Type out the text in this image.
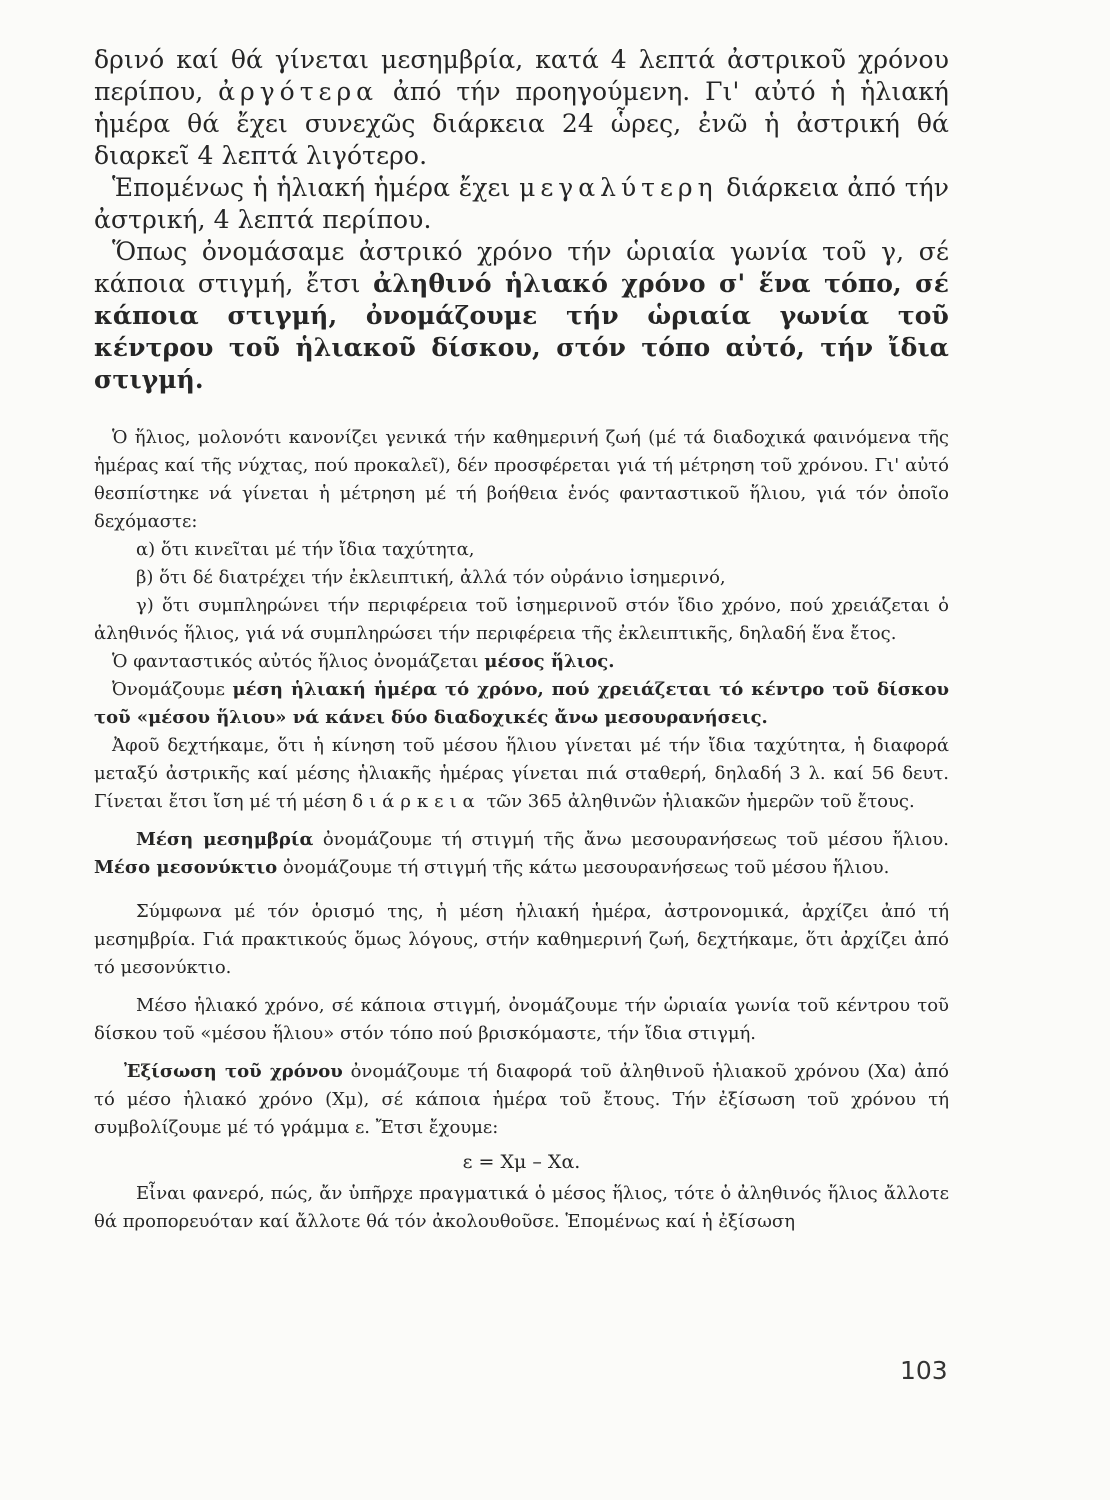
δρινό καί θά γίνεται μεσημβρία, κατά 4 λεπτά ἀστρικοῦ χρόνου περίπου, ἀργότερα ἀπό τήν προηγούμενη. Γι' αὐτό ἡ ἡλιακή ἡμέρα θά ἔχει συνεχῶς διάρκεια 24 ὧρες, ἐνῶ ἡ ἀστρική θά διαρκεῖ 4 λεπτά λιγότερο.

Ἑπομένως ἡ ἡλιακή ἡμέρα ἔχει μεγαλύτερη διάρκεια ἀπό τήν ἀστρική, 4 λεπτά περίπου.

Ὅπως ὀνομάσαμε ἀστρικό χρόνο τήν ὡριαία γωνία τοῦ γ, σέ κάποια στιγμή, ἔτσι ἀληθινό ἡλιακό χρόνο σ' ἕνα τόπο, σέ κάποια στιγμή, ὀνομάζουμε τήν ὡριαία γωνία τοῦ κέντρου τοῦ ἡλιακοῦ δίσκου, στόν τόπο αὐτό, τήν ἴδια στιγμή.

Ὁ ἥλιος, μολονότι κανονίζει γενικά τήν καθημερινή ζωή (μέ τά διαδοχικά φαινόμενα τῆς ἡμέρας καί τῆς νύχτας, πού προκαλεῖ), δέν προσφέρεται γιά τή μέτρηση τοῦ χρόνου. Γι' αὐτό θεσπίστηκε νά γίνεται ἡ μέτρηση μέ τή βοήθεια ἑνός φανταστικοῦ ἥλιου, γιά τόν ὁποῖο δεχόμαστε:

α) ὅτι κινεῖται μέ τήν ἴδια ταχύτητα,

β) ὅτι δέ διατρέχει τήν ἐκλειπτική, ἀλλά τόν οὐράνιο ἰσημερινό,

γ) ὅτι συμπληρώνει τήν περιφέρεια τοῦ ἰσημερινοῦ στόν ἴδιο χρόνο, πού χρειάζεται ὁ ἀληθινός ἥλιος, γιά νά συμπληρώσει τήν περιφέρεια τῆς ἐκλειπτικῆς, δηλαδή ἕνα ἔτος.

Ὁ φανταστικός αὐτός ἥλιος ὀνομάζεται μέσος ἥλιος.

Ὀνομάζουμε μέση ἡλιακή ἡμέρα τό χρόνο, πού χρειάζεται τό κέντρο τοῦ δίσκου τοῦ «μέσου ἥλιου» νά κάνει δύο διαδοχικές ἄνω μεσουρανήσεις.

Ἀφοῦ δεχτήκαμε, ὅτι ἡ κίνηση τοῦ μέσου ἥλιου γίνεται μέ τήν ἴδια ταχύτητα, ἡ διαφορά μεταξύ ἀστρικῆς καί μέσης ἡλιακῆς ἡμέρας γίνεται πιά σταθερή, δηλαδή 3 λ. καί 56 δευτ. Γίνεται ἔτσι ἴση μέ τή μέση διάρκεια τῶν 365 ἀληθινῶν ἡλιακῶν ἡμερῶν τοῦ ἔτους.

Μέση μεσημβρία ὀνομάζουμε τή στιγμή τῆς ἄνω μεσουρανήσεως τοῦ μέσου ἥλιου. Μέσο μεσονύκτιο ὀνομάζουμε τή στιγμή τῆς κάτω μεσουρανήσεως τοῦ μέσου ἥλιου.

Σύμφωνα μέ τόν ὁρισμό της, ἡ μέση ἡλιακή ἡμέρα, ἀστρονομικά, ἀρχίζει ἀπό τή μεσημβρία. Γιά πρακτικούς ὅμως λόγους, στήν καθημερινή ζωή, δεχτήκαμε, ὅτι ἀρχίζει ἀπό τό μεσονύκτιο.

Μέσο ἡλιακό χρόνο, σέ κάποια στιγμή, ὀνομάζουμε τήν ὡριαία γωνία τοῦ κέντρου τοῦ δίσκου τοῦ «μέσου ἥλιου» στόν τόπο πού βρισκόμαστε, τήν ἴδια στιγμή.

Ἐξίσωση τοῦ χρόνου ὀνομάζουμε τή διαφορά τοῦ ἀληθινοῦ ἡλιακοῦ χρόνου (Χα) ἀπό τό μέσο ἡλιακό χρόνο (Χμ), σέ κάποια ἡμέρα τοῦ ἔτους. Τήν ἐξίσωση τοῦ χρόνου τή συμβολίζουμε μέ τό γράμμα ε. Ἔτσι ἔχουμε:

ε = Χμ – Χα.

Εἶναι φανερό, πώς, ἄν ὑπῆρχε πραγματικά ὁ μέσος ἥλιος, τότε ὁ ἀληθινός ἥλιος ἄλλοτε θά προπορευόταν καί ἄλλοτε θά τόν ἀκολουθοῦσε. Ἑπομένως καί ἡ ἐξίσωση

103
